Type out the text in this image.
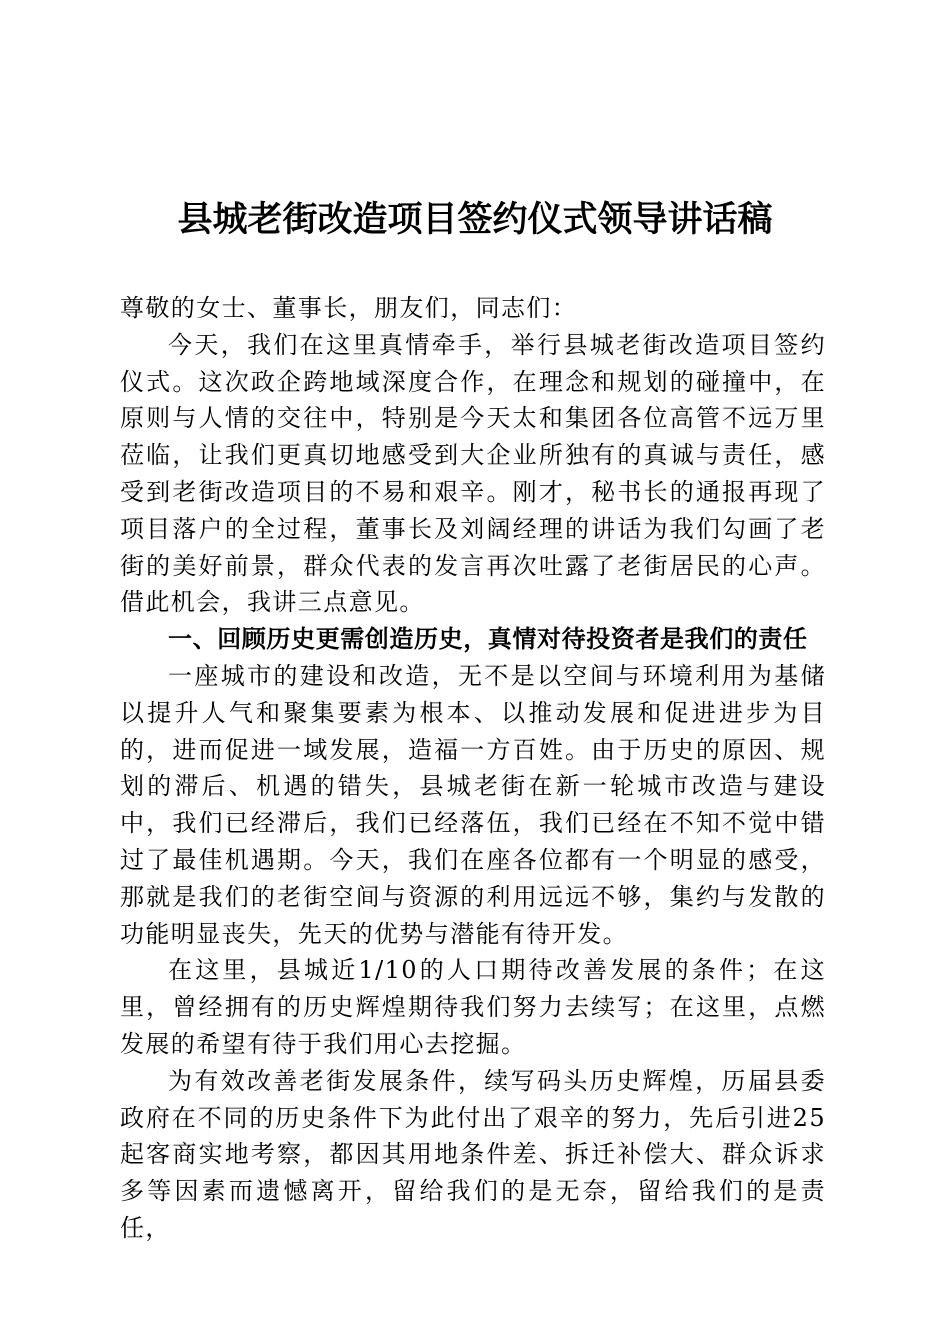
县城老街改造项目签约仪式领导讲话稿

尊敬的女士、董事长，朋友们，同志们：

今天，我们在这里真情牵手，举行县城老街改造项目签约仪式。这次政企跨地域深度合作，在理念和规划的碰撞中，在原则与人情的交往中，特别是今天太和集团各位高管不远万里莅临，让我们更真切地感受到大企业所独有的真诚与责任，感受到老街改造项目的不易和艰辛。刚才，秘书长的通报再现了项目落户的全过程，董事长及刘阔经理的讲话为我们勾画了老街的美好前景，群众代表的发言再次吐露了老街居民的心声。借此机会，我讲三点意见。

一、回顾历史更需创造历史，真情对待投资者是我们的责任

一座城市的建设和改造，无不是以空间与环境利用为基储以提升人气和聚集要素为根本、以推动发展和促进进步为目的，进而促进一域发展，造福一方百姓。由于历史的原因、规划的滞后、机遇的错失，县城老街在新一轮城市改造与建设中，我们已经滞后，我们已经落伍，我们已经在不知不觉中错过了最佳机遇期。今天，我们在座各位都有一个明显的感受，那就是我们的老街空间与资源的利用远远不够，集约与发散的功能明显丧失，先天的优势与潜能有待开发。

在这里，县城近1/10的人口期待改善发展的条件；在这里，曾经拥有的历史辉煌期待我们努力去续写；在这里，点燃发展的希望有待于我们用心去挖掘。

为有效改善老街发展条件，续写码头历史辉煌，历届县委政府在不同的历史条件下为此付出了艰辛的努力，先后引进25起客商实地考察，都因其用地条件差、拆迁补偿大、群众诉求多等因素而遗憾离开，留给我们的是无奈，留给我们的是责任，
